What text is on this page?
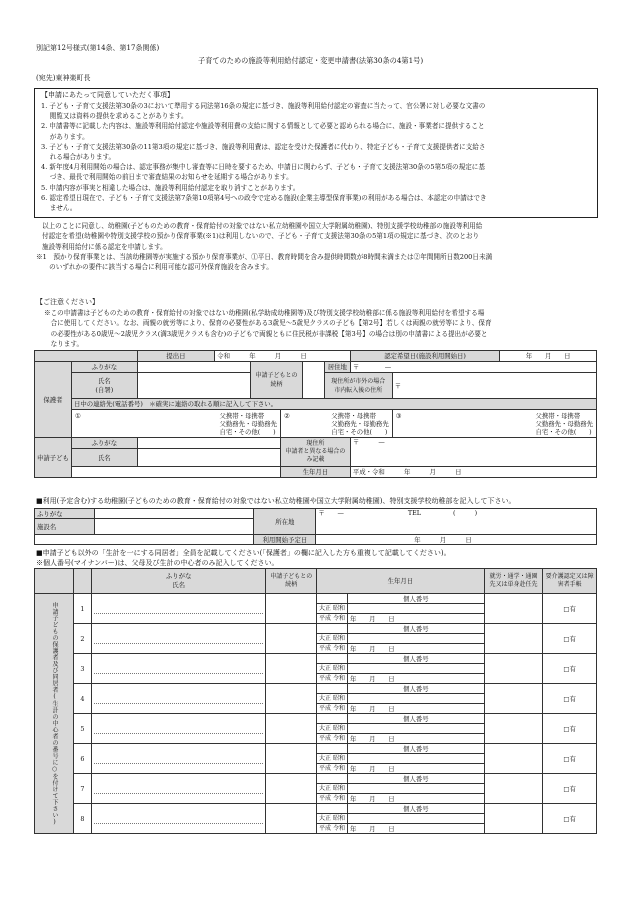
別記第12号様式(第14条、第17条関係)
子育てのための施設等利用給付認定・変更申請書(法第30条の4第1号)
(宛先)東神楽町長
【申請にあたって同意していただく事項】
1. 子ども・子育て支援法第30条の3において準用する同法第16条の規定に基づき、施設等利用給付認定の審査に当たって、官公署に対し必要な文書の
　 閲覧又は資料の提供を求めることがあります。
2. 申請書等に記載した内容は、施設等利用給付認定や施設等利用費の支給に関する情報として必要と認められる場合に、施設・事業者に提供すること
　 があります。
3. 子ども・子育て支援法第30条の11第3項の規定に基づき、施設等利用費は、認定を受けた保護者に代わり、特定子ども・子育て支援提供者に支給さ
　 れる場合があります。
4. 新年度4月利用開始の場合は、認定事務が集中し審査等に日時を要するため、申請日に関わらず、子ども・子育て支援法第30条の5第5項の規定に基
　 づき、最長で利用開始の前日まで審査結果のお知らせを延期する場合があります。
5. 申請内容が事実と相違した場合は、施設等利用給付認定を取り消すことがあります。
6. 認定希望日現在で、子ども・子育て支援法第7条第10項第4号への政令で定める施設(企業主導型保育事業)の利用がある場合は、本認定の申請はでき
　 ません。
以上のことに同意し、幼稚園(子どものための教育・保育給付の対象ではない私立幼稚園や国立大学附属幼稚園)、特別支援学校幼稚部の施設等利用給
付認定を希望(幼稚園や特別支援学校の預かり保育事業(※1)は利用しないので、子ども・子育て支援法第30条の5第1項の規定に基づき、次のとおり
施設等利用給付に係る認定を申請します。
※1　預かり保育事業とは、当該幼稚園等が実施する預かり保育事業が、①平日、教育時間を含み提供時間数が8時間未満または②年間開所日数200日未満
　　のいずれかの要件に該当する場合に利用可能な認可外保育施設を含みます。
【ご注意ください】
※この申請書は子どものための教育・保育給付の対象ではない幼稚園(私学助成幼稚園等)及び特別支援学校幼稚部に係る施設等利用給付を希望する場
　合に使用してください。なお、両親の就労等により、保育の必要性がある3歳児〜5歳児クラスの子ども【第2号】若しくは両親の就労等により、保育
　の必要性がある0歳児〜2歳児クラス(満3歳児クラスも含む)の子どもで両親ともに住民税が非課税【第3号】の場合は別の申請書による提出が必要と
　なります。
		提出日	令和　　　 年　　　 月　　　 日					認定希望日(施設利用開始日)		年　　 月　　 日
保護者	ふりがな			申請子どもとの続柄			居住地	〒　　　　 —		
	氏名
(自署)						現住所が市外の場合
市内転入後の住所		〒	
	日中の連絡先(電話番号)　＊確実に連絡の取れる順に記入して下さい。									

	① 父携帯・母携帯
父勤務先・母勤務先
自宅・その他(　　)				② 父携帯・母携帯
父勤務先・母勤務先
自宅・その他(　　)				③ 父携帯・母携帯
父勤務先・母勤務先
自宅・その他(　　)	

申請子ども	ふりがな				現住所
申請者と異なる場合のみ記載			〒　　　 —		
	氏名									
					生年月日			平成・令和　　　 年　　　 月　　　 日		
■利用(予定含む)する幼稚園(子どものための教育・保育給付の対象ではない私立幼稚園や国立大学附属幼稚園)、特別支援学校幼稚部を記入して下さい。
ふりがな		所在地	〒　　 —　　　　　　　　　　 TEL　　　　　 (　　　)
施設名			
		利用開始予定日	　　　　　　　　　　　　　　　年　　　 月　　　 日
■申請子ども以外の「生計を一にする同居者」全員を記載してください(「保護者」の欄に記入した方も重複して記載してください)。
※個人番号(マイナンバー)は、父母及び生計の中心者のみ記入してください。
		ふりがな
氏名	申請子どもとの続柄	生年月日		就労・通学・通園先又は単身赴任先	要介護認定又は障害者手帳
申請子どもの保護者及び同居者(生計の中心者の番号に○を付けて下さい)	1				個人番号		□有
				大正 昭和			
				平成 令和	年　　月　　日		
	2				個人番号		□有
				大正 昭和			
				平成 令和	年　　月　　日		
	3				個人番号		□有
				大正 昭和			
				平成 令和	年　　月　　日		
	4				個人番号		□有
				大正 昭和			
				平成 令和	年　　月　　日		
	5				個人番号		□有
				大正 昭和			
				平成 令和	年　　月　　日		
	6				個人番号		□有
				大正 昭和			
				平成 令和	年　　月　　日		
	7				個人番号		□有
				大正 昭和			
				平成 令和	年　　月　　日		
	8				個人番号		□有
				大正 昭和			
				平成 令和	年　　月　　日		
